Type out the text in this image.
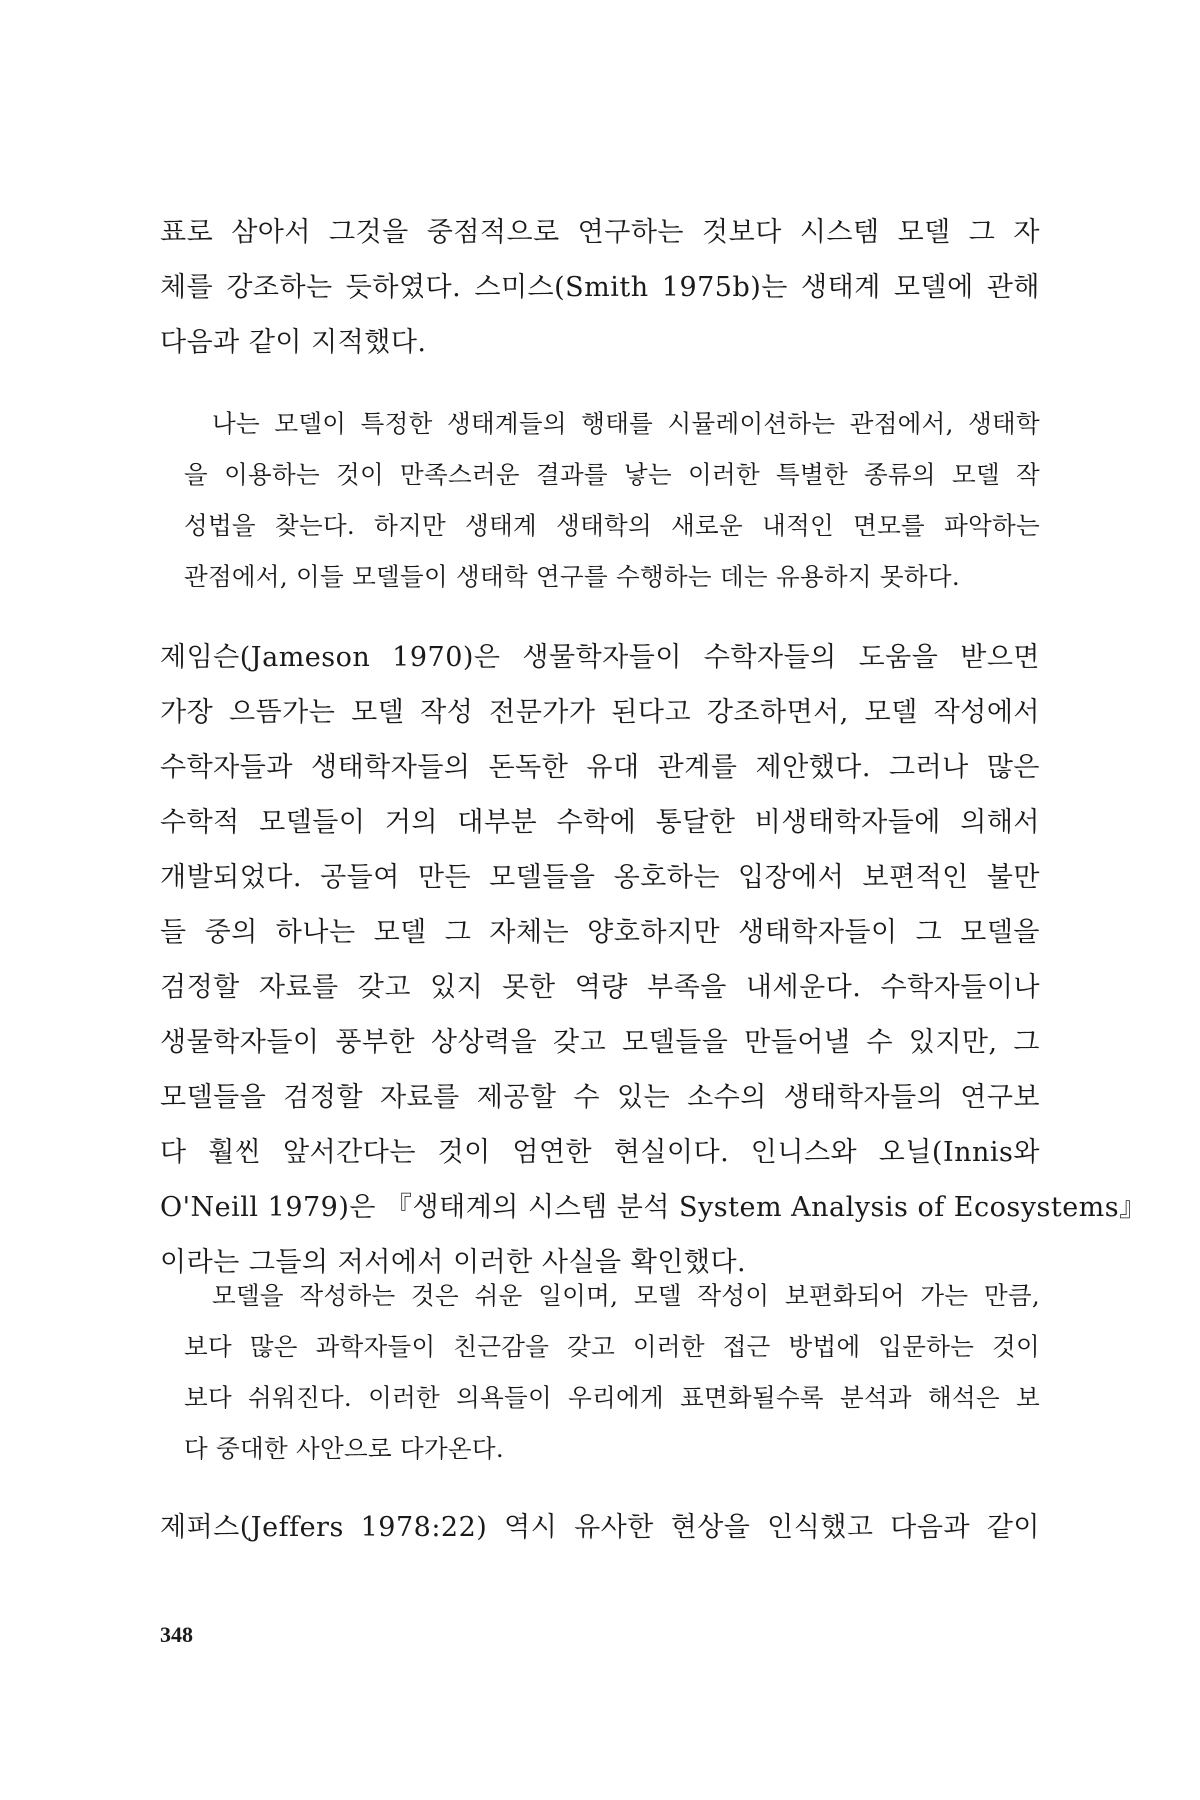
표로 삼아서 그것을 중점적으로 연구하는 것보다 시스템 모델 그 자
체를 강조하는 듯하였다. 스미스(Smith 1975b)는 생태계 모델에 관해
다음과 같이 지적했다.

나는 모델이 특정한 생태계들의 행태를 시뮬레이션하는 관점에서, 생태학
을 이용하는 것이 만족스러운 결과를 낳는 이러한 특별한 종류의 모델 작
성법을 찾는다. 하지만 생태계 생태학의 새로운 내적인 면모를 파악하는
관점에서, 이들 모델들이 생태학 연구를 수행하는 데는 유용하지 못하다.

제임슨(Jameson 1970)은 생물학자들이 수학자들의 도움을 받으면
가장 으뜸가는 모델 작성 전문가가 된다고 강조하면서, 모델 작성에서
수학자들과 생태학자들의 돈독한 유대 관계를 제안했다. 그러나 많은
수학적 모델들이 거의 대부분 수학에 통달한 비생태학자들에 의해서
개발되었다. 공들여 만든 모델들을 옹호하는 입장에서 보편적인 불만
들 중의 하나는 모델 그 자체는 양호하지만 생태학자들이 그 모델을
검정할 자료를 갖고 있지 못한 역량 부족을 내세운다. 수학자들이나
생물학자들이 풍부한 상상력을 갖고 모델들을 만들어낼 수 있지만, 그
모델들을 검정할 자료를 제공할 수 있는 소수의 생태학자들의 연구보
다 훨씬 앞서간다는 것이 엄연한 현실이다. 인니스와 오닐(Innis와
O'Neill 1979)은 『생태계의 시스템 분석 System Analysis of Ecosystems』
이라는 그들의 저서에서 이러한 사실을 확인했다.

모델을 작성하는 것은 쉬운 일이며, 모델 작성이 보편화되어 가는 만큼,
보다 많은 과학자들이 친근감을 갖고 이러한 접근 방법에 입문하는 것이
보다 쉬워진다. 이러한 의욕들이 우리에게 표면화될수록 분석과 해석은 보
다 중대한 사안으로 다가온다.

제퍼스(Jeffers 1978:22) 역시 유사한 현상을 인식했고 다음과 같이

348
